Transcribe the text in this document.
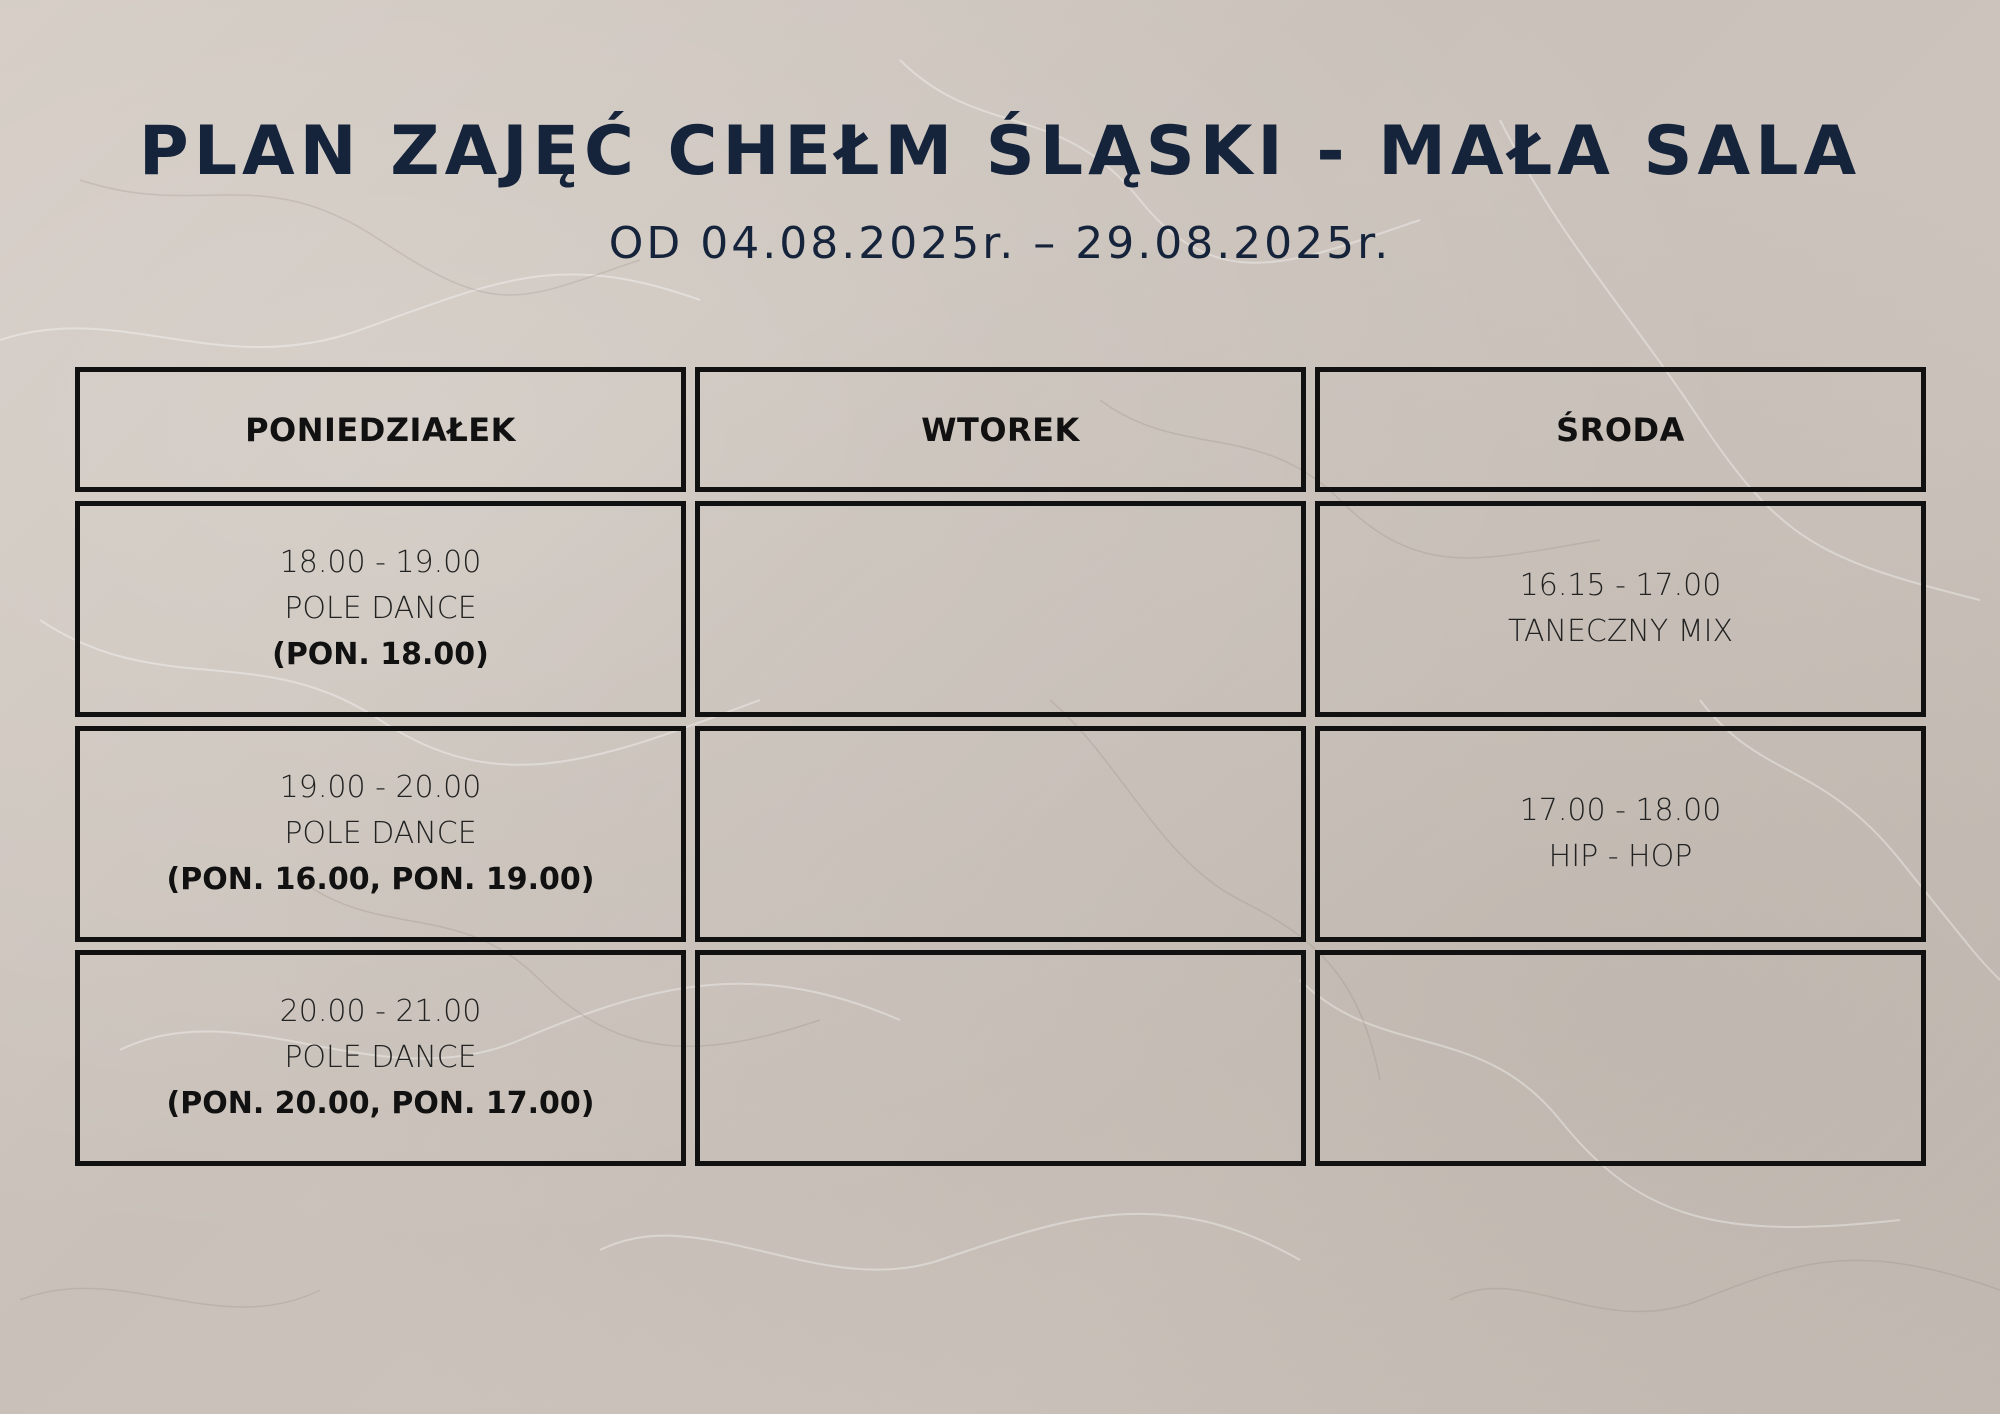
PLAN ZAJĘĆ CHEŁM ŚLĄSKI - MAŁA SALA
OD 04.08.2025r. – 29.08.2025r.
PONIEDZIAŁEK	WTOREK	ŚRODA
18.00 - 19.00
POLE DANCE
(PON. 18.00)
16.15 - 17.00
TANECZNY MIX
19.00 - 20.00
POLE DANCE
(PON. 16.00, PON. 19.00)
17.00 - 18.00
HIP - HOP
20.00 - 21.00
POLE DANCE
(PON. 20.00, PON. 17.00)
